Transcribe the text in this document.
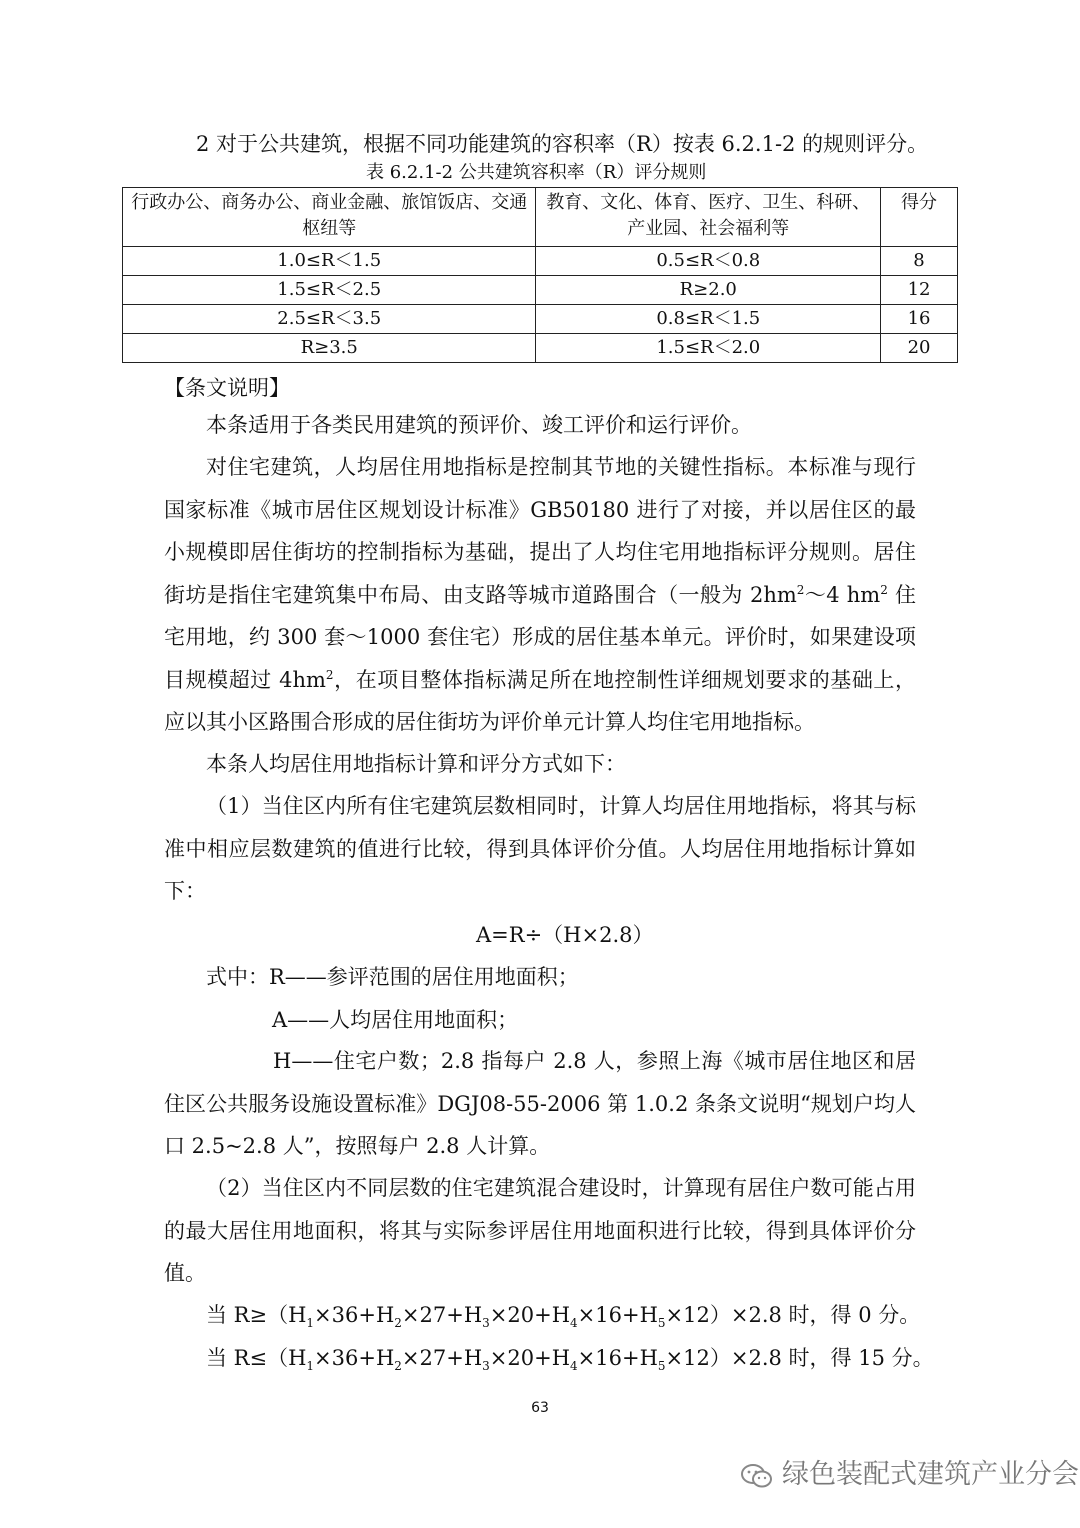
2 对于公共建筑，根据不同功能建筑的容积率（R）按表 6.2.1-2 的规则评分。
表 6.2.1-2 公共建筑容积率（R）评分规则
行政办公、商务办公、商业金融、旅馆饭店、交通枢纽等	教育、文化、体育、医疗、卫生、科研、产业园、社会福利等	得分
1.0≤R＜1.5	0.5≤R＜0.8	8
1.5≤R＜2.5	R≥2.0	12
2.5≤R＜3.5	0.8≤R＜1.5	16
R≥3.5	1.5≤R＜2.0	20
【条文说明】
本条适用于各类民用建筑的预评价、竣工评价和运行评价。
对住宅建筑，人均居住用地指标是控制其节地的关键性指标。本标准与现行国家标准《城市居住区规划设计标准》GB50180 进行了对接，并以居住区的最小规模即居住街坊的控制指标为基础，提出了人均住宅用地指标评分规则。居住街坊是指住宅建筑集中布局、由支路等城市道路围合（一般为 $2hm^2\sim 4$ $hm^2$ 住宅用地，约 300 套～1000 套住宅）形成的居住基本单元。评价时，如果建设项目规模超过 $4hm^2$，在项目整体指标满足所在地控制性详细规划要求的基础上，应以其小区路围合形成的居住街坊为评价单元计算人均住宅用地指标。
本条人均居住用地指标计算和评分方式如下：
（1）当住区内所有住宅建筑层数相同时，计算人均居住用地指标，将其与标准中相应层数建筑的值进行比较，得到具体评价分值。人均居住用地指标计算如下：
A=R÷（H×2.8）
式中：R——参评范围的居住用地面积；
A——人均居住用地面积；
H——住宅户数；2.8 指每户 2.8 人，参照上海《城市居住地区和居住区公共服务设施设置标准》DGJ08-55-2006 第 1.0.2 条条文说明“规划户均人口 2.5~2.8 人”，按照每户 2.8 人计算。
（2）当住区内不同层数的住宅建筑混合建设时，计算现有居住户数可能占用的最大居住用地面积，将其与实际参评居住用地面积进行比较，得到具体评价分值。
当 $R\ge(H_1\times 36+H_2\times 27+H_3\times 20+H_4\times 16+H_5\times 12)\times 2.8$ 时，得 0 分。
当 $R\le(H_1\times 36+H_2\times 27+H_3\times 20+H_4\times 16+H_5\times 12)\times 2.8$ 时，得 15 分。
63
绿色装配式建筑产业分会
